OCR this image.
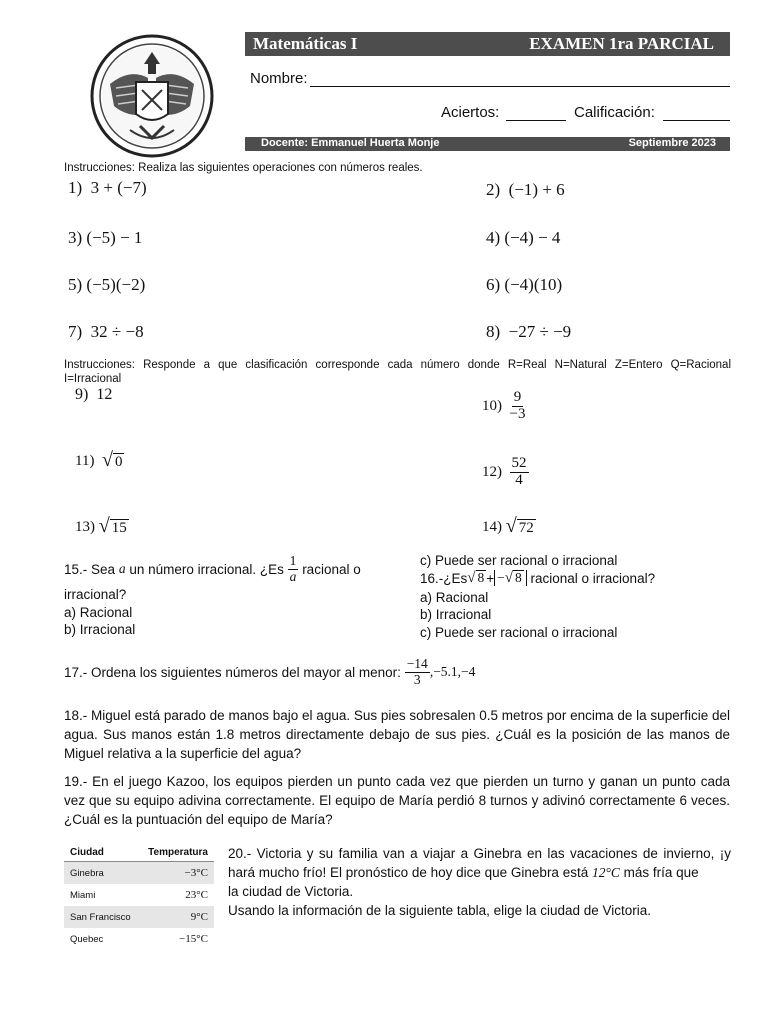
Matemáticas I	EXAMEN 1ra PARCIAL
Nombre:
Aciertos:	Calificación:
Docente: Emmanuel Huerta Monje	Septiembre 2023
Instrucciones: Realiza las siguientes operaciones con números reales.
1) 3 + (−7)	2) (−1) + 6
3) (−5) − 1	4) (−4) − 4
5) (−5)(−2)	6) (−4)(10)
7) 32 ÷ −8	8) −27 ÷ −9
Instrucciones: Responde a que clasificación corresponde cada número donde R=Real N=Natural Z=Entero Q=Racional
I=Irracional
9) 12
10)
$\frac{9}{-3}$
11)
√ 0
12)
$\frac{52}{4}$
13)
√ 15	14)
√ 72
15.- Sea
a
un número irracional. ¿Es
$\frac{1}{a}$
racional o
irracional?
a) Racional
b) Irracional
c) Puede ser racional o irracional
16.-¿Es √ 8 + − √ 8
racional o irracional?
a) Racional
b) Irracional
c) Puede ser racional o irracional
17.- Ordena los siguientes números del mayor al menor:
$\frac{-14}{3} ,-5.1,-4$
18.- Miguel está parado de manos bajo el agua. Sus pies sobresalen 0.5 metros por encima de la superficie del agua. Sus manos están 1.8 metros directamente debajo de sus pies. ¿Cuál es la posición de las manos de Miguel relativa a la superficie del agua?
19.- En el juego Kazoo, los equipos pierden un punto cada vez que pierden un turno y ganan un punto cada vez que su equipo adivina correctamente. El equipo de María perdió 8 turnos y adivinó correctamente 6 veces. ¿Cuál es la puntuación del equipo de María?
Ciudad	Temperatura
Ginebra	−3°C
Miami	23°C
San Francisco	9°C
Quebec	−15°C
20.- Victoria y su familia van a viajar a Ginebra en las vacaciones de invierno, ¡y
hará mucho frío! El pronóstico de hoy dice que Ginebra está 12°C más fría que
la ciudad de Victoria.
Usando la información de la siguiente tabla, elige la ciudad de Victoria.
